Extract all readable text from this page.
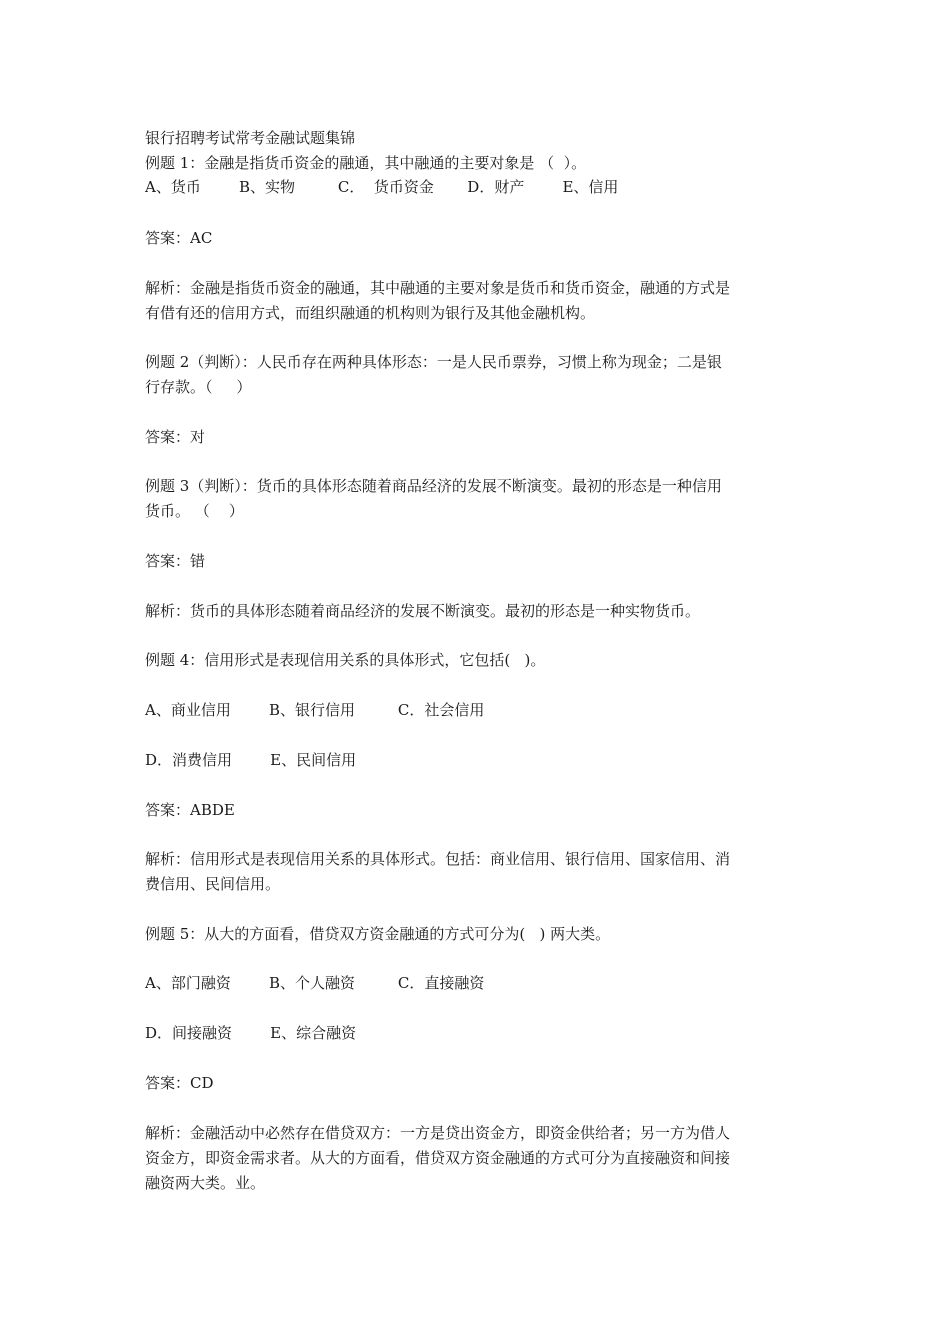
银行招聘考试常考金融试题集锦
例题 1：金融是指货币资金的融通，其中融通的主要对象是 （  ）。
A、货币        B、实物         C．  货币资金       D．财产        E、信用
答案：AC
解析：金融是指货币资金的融通，其中融通的主要对象是货币和货币资金，融通的方式是
有借有还的信用方式，而组织融通的机构则为银行及其他金融机构。
例题 2（判断）：人民币存在两种具体形态：一是人民币票券，习惯上称为现金；二是银
行存款。（     ）
答案：对
例题 3（判断）：货币的具体形态随着商品经济的发展不断演变。最初的形态是一种信用
货币。 （    ）
答案：错
解析：货币的具体形态随着商品经济的发展不断演变。最初的形态是一种实物货币。
例题 4：信用形式是表现信用关系的具体形式，它包括(   )。
A、商业信用        B、银行信用         C．社会信用
D．消费信用        E、民间信用
答案：ABDE
解析：信用形式是表现信用关系的具体形式。包括：商业信用、银行信用、国家信用、消
费信用、民间信用。
例题 5：从大的方面看，借贷双方资金融通的方式可分为(   ) 两大类。
A、部门融资        B、个人融资         C．直接融资
D．间接融资        E、综合融资
答案：CD
解析：金融活动中必然存在借贷双方：一方是贷出资金方，即资金供给者；另一方为借人
资金方，即资金需求者。从大的方面看，借贷双方资金融通的方式可分为直接融资和间接
融资两大类。业。
